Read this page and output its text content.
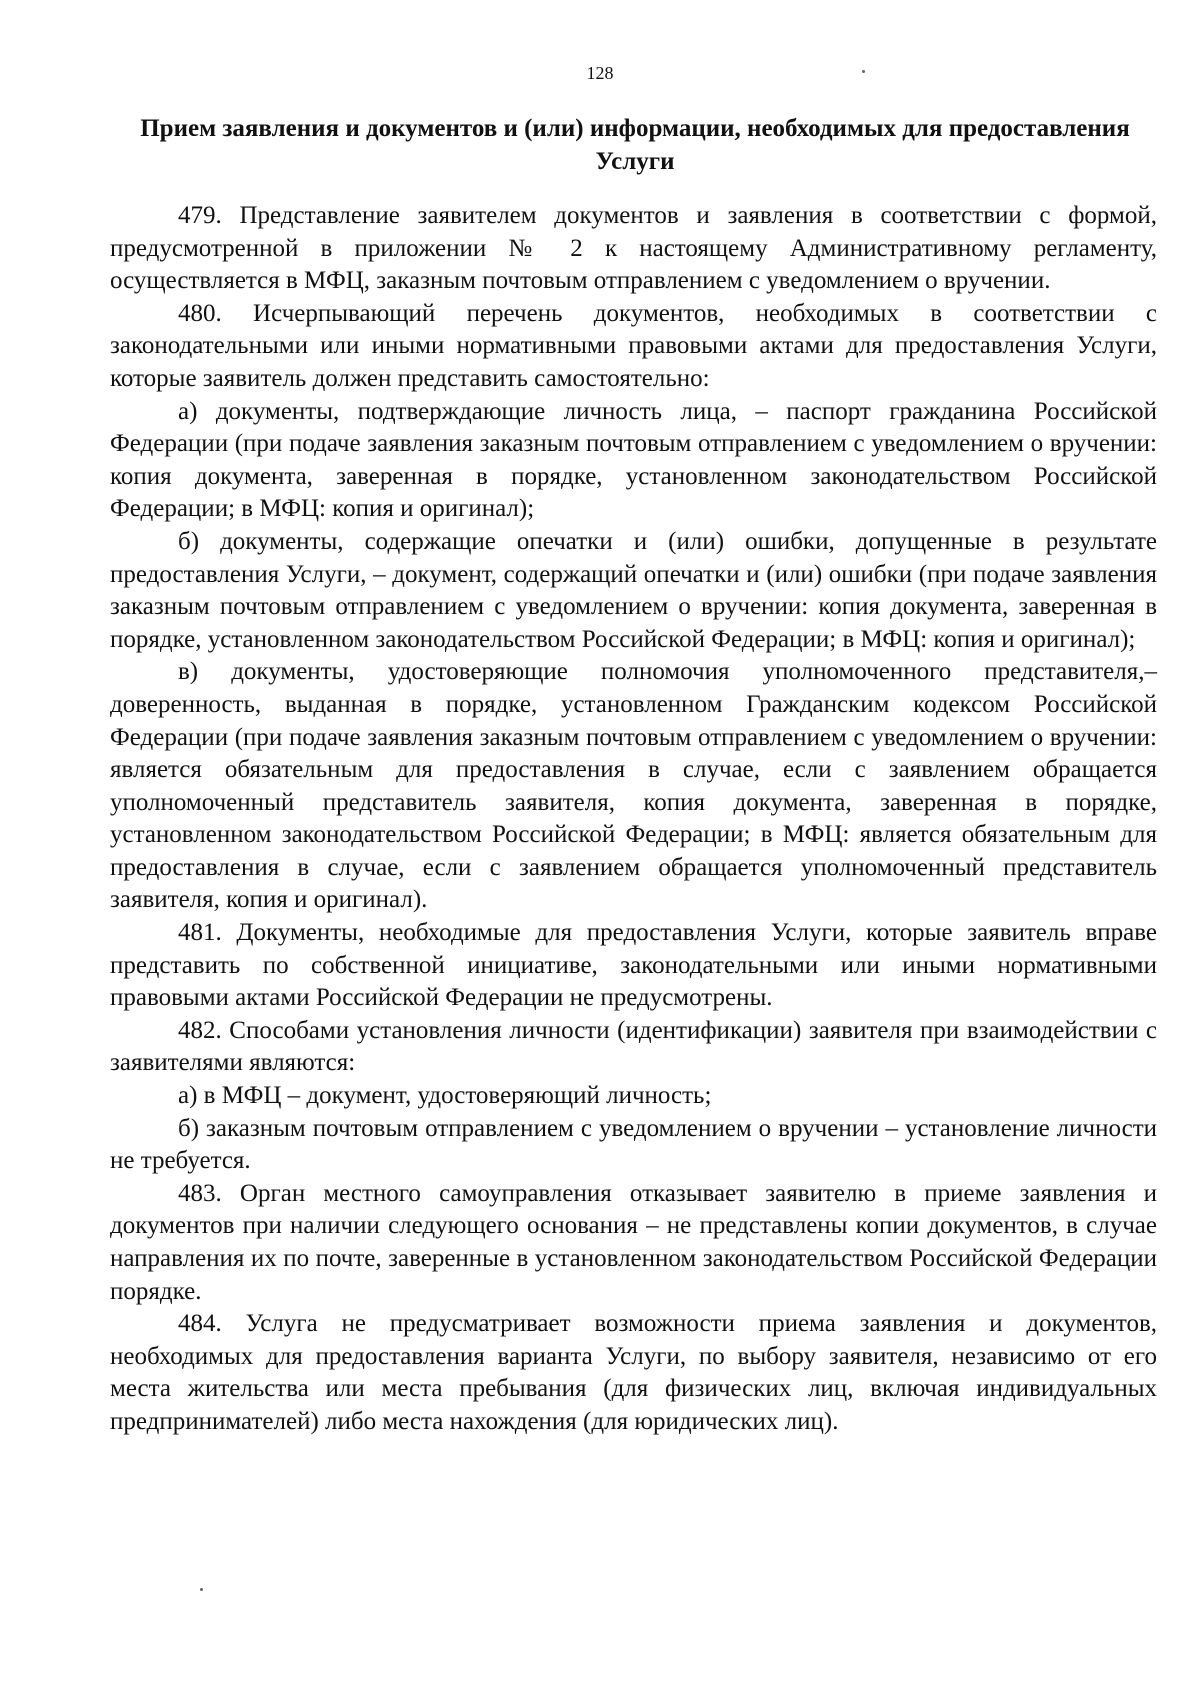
128
Прием заявления и документов и (или) информации, необходимых для предоставления Услуги

479. Представление заявителем документов и заявления в соответствии с формой, предусмотренной в приложении № 2 к настоящему Административному регламенту, осуществляется в МФЦ, заказным почтовым отправлением с уведомлением о вручении.

480. Исчерпывающий перечень документов, необходимых в соответствии с законодательными или иными нормативными правовыми актами для предоставления Услуги, которые заявитель должен представить самостоятельно:

а) документы, подтверждающие личность лица, – паспорт гражданина Российской Федерации (при подаче заявления заказным почтовым отправлением с уведомлением о вручении: копия документа, заверенная в порядке, установленном законодательством Российской Федерации; в МФЦ: копия и оригинал);

б) документы, содержащие опечатки и (или) ошибки, допущенные в результате предоставления Услуги, – документ, содержащий опечатки и (или) ошибки (при подаче заявления заказным почтовым отправлением с уведомлением о вручении: копия документа, заверенная в порядке, установленном законодательством Российской Федерации; в МФЦ: копия и оригинал);

в) документы, удостоверяющие полномочия уполномоченного представителя,– доверенность, выданная в порядке, установленном Гражданским кодексом Российской Федерации (при подаче заявления заказным почтовым отправлением с уведомлением о вручении: является обязательным для предоставления в случае, если с заявлением обращается уполномоченный представитель заявителя, копия документа, заверенная в порядке, установленном законодательством Российской Федерации; в МФЦ: является обязательным для предоставления в случае, если с заявлением обращается уполномоченный представитель заявителя, копия и оригинал).

481. Документы, необходимые для предоставления Услуги, которые заявитель вправе представить по собственной инициативе, законодательными или иными нормативными правовыми актами Российской Федерации не предусмотрены.

482. Способами установления личности (идентификации) заявителя при взаимодействии с заявителями являются:

а) в МФЦ – документ, удостоверяющий личность;

б) заказным почтовым отправлением с уведомлением о вручении – установление личности не требуется.

483. Орган местного самоуправления отказывает заявителю в приеме заявления и документов при наличии следующего основания – не представлены копии документов, в случае направления их по почте, заверенные в установленном законодательством Российской Федерации порядке.

484. Услуга не предусматривает возможности приема заявления и документов, необходимых для предоставления варианта Услуги, по выбору заявителя, независимо от его места жительства или места пребывания (для физических лиц, включая индивидуальных предпринимателей) либо места нахождения (для юридических лиц).
